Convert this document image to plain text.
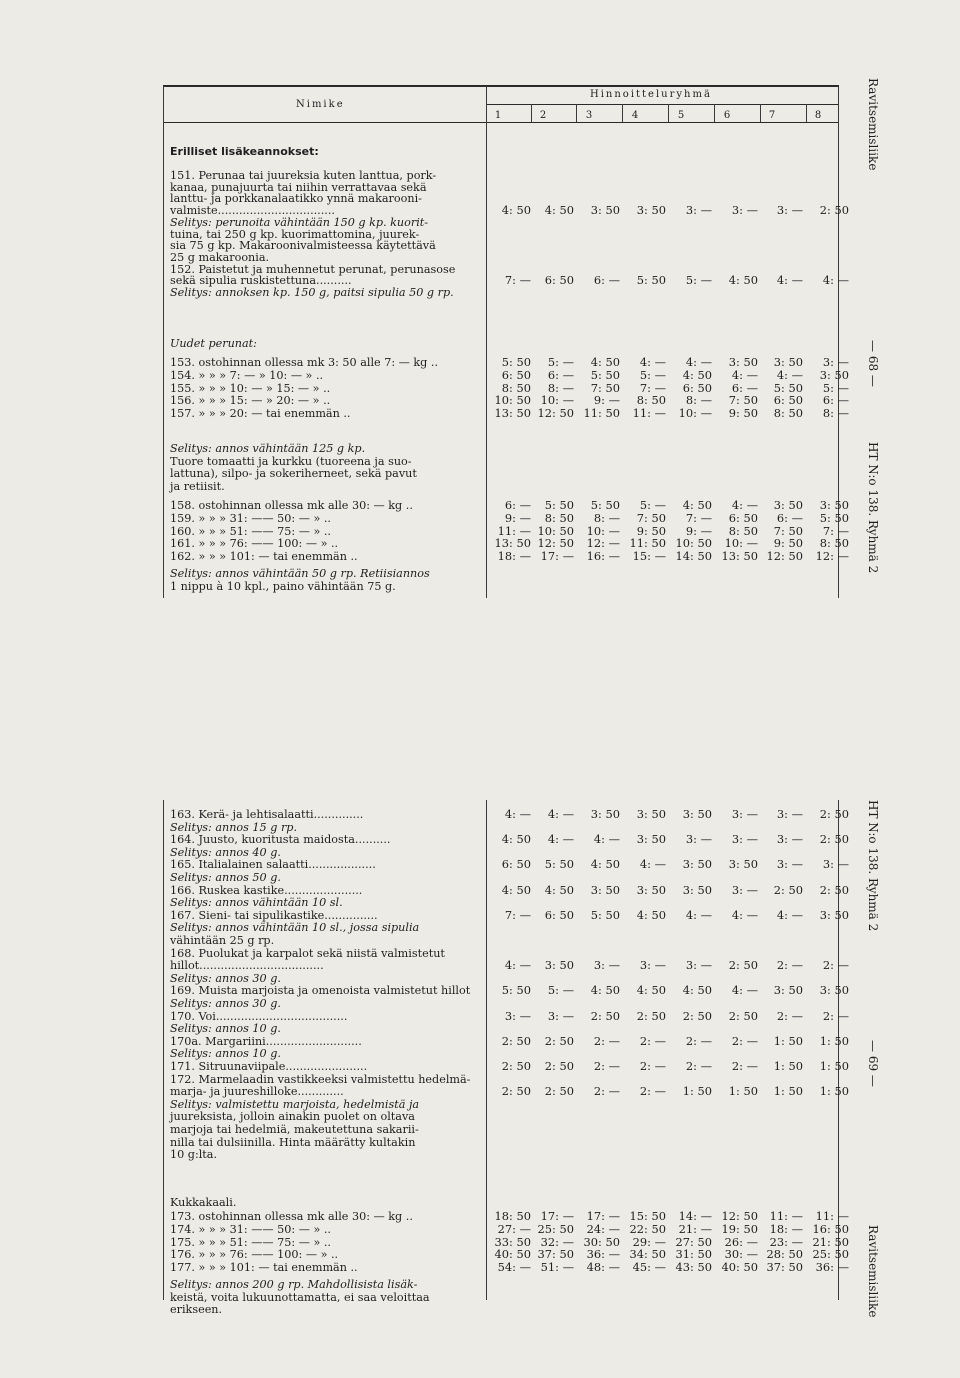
Nimike
Hinnoitteluryhmä
1	2	3	4	5	6	7	8	Ravitsemisliike
— 68 —
HT N:o 138. Ryhmä 2
HT N:o 138. Ryhmä 2
— 69 —
Ravitsemisliike
Erilliset lisäkeannokset:
151. Perunaa tai juureksia kuten lanttua, pork-
kanaa, punajuurta tai niihin verrattavaa sekä
lanttu- ja porkkanalaatikko ynnä makarooni-
valmiste.................................	4: 50	4: 50	3: 50	3: 50	3: —	3: —	3: —	2: 50
Selitys: perunoita vähintään 150 g kp. kuorit-
tuina, tai 250 g kp. kuorimattomina, juurek-
sia 75 g kp. Makaroonivalmisteessa käytettävä
25 g makaroonia.
152. Paistetut ja muhennetut perunat, perunasose
sekä sipulia ruskistettuna..........	7: —	6: 50	6: —	5: 50	5: —	4: 50	4: —	4: —
Selitys: annoksen kp. 150 g, paitsi sipulia 50 g rp.
Uudet perunat:
153. ostohinnan ollessa mk 3: 50 alle 7: — kg ..	5: 50	5: —	4: 50	4: —	4: —	3: 50	3: 50	3: —
154. » » » 7: — » 10: — » ..	6: 50	6: —	5: 50	5: —	4: 50	4: —	4: —	3: 50
155. » » » 10: — » 15: — » ..	8: 50	8: —	7: 50	7: —	6: 50	6: —	5: 50	5: —
156. » » » 15: — » 20: — » ..	10: 50 10: —	9: —	8: 50	8: —	7: 50	6: 50	6: —
157. » » » 20: — tai enemmän ..	13: 50 12: 50 11: 50	11: —	10: —	9: 50	8: 50	8: —
Selitys: annos vähintään 125 g kp.
Tuore tomaatti ja kurkku (tuoreena ja suo-
lattuna), silpo- ja sokeriherneet, sekä pavut
ja retiisit.
158. ostohinnan ollessa mk alle 30: — kg ..	6: —	5: 50	5: 50	5: —	4: 50	4: —	3: 50	3: 50
159. » » » 31: —— 50: — » ..	9: —	8: 50	8: —	7: 50	7: —	6: 50	6: —	5: 50
160. » » » 51: —— 75: — » ..	11: — 10: 50	10: —	9: 50	9: —	8: 50	7: 50	7: —
161. » » » 76: —— 100: — » ..	13: 50 12: 50	12: — 11: 50 10: 50	10: —	9: 50	8: 50
162. » » » 101: — tai enemmän ..	18: — 17: —	16: —	15: — 14: 50 13: 50 12: 50	12: —
Selitys: annos vähintään 50 g rp. Retiisiannos
1 nippu à 10 kpl., paino vähintään 75 g.
163. Kerä- ja lehtisalaatti..............	4: —	4: —	3: 50	3: 50	3: 50	3: —	3: —	2: 50
Selitys: annos 15 g rp.
164. Juusto, kuoritusta maidosta..........	4: 50	4: —	4: —	3: 50	3: —	3: —	3: —	2: 50
Selitys: annos 40 g.
165. Italialainen salaatti...................	6: 50	5: 50	4: 50	4: —	3: 50	3: 50	3: —	3: —
Selitys: annos 50 g.
166. Ruskea kastike......................	4: 50	4: 50	3: 50	3: 50	3: 50	3: —	2: 50	2: 50
Selitys: annos vähintään 10 sl.
167. Sieni- tai sipulikastike...............	7: —	6: 50	5: 50	4: 50	4: —	4: —	4: —	3: 50
Selitys: annos vähintään 10 sl., jossa sipulia
vähintään 25 g rp.
168. Puolukat ja karpalot sekä niistä valmistetut
hillot...................................	4: —	3: 50	3: —	3: —	3: —	2: 50	2: —	2: —
Selitys: annos 30 g.
169. Muista marjoista ja omenoista valmistetut hillot	5: 50	5: —	4: 50	4: 50	4: 50	4: —	3: 50	3: 50
Selitys: annos 30 g.
170. Voi.....................................	3: —	3: —	2: 50	2: 50	2: 50	2: 50	2: —	2: —
Selitys: annos 10 g.
170a. Margariini...........................	2: 50	2: 50	2: —	2: —	2: —	2: —	1: 50	1: 50
Selitys: annos 10 g.
171. Sitruunaviipale.......................	2: 50	2: 50	2: —	2: —	2: —	2: —	1: 50	1: 50
172. Marmelaadin vastikkeeksi valmistettu hedelmä-
marja- ja juureshilloke.............	2: 50	2: 50	2: —	2: —	1: 50	1: 50	1: 50	1: 50
Selitys: valmistettu marjoista, hedelmistä ja
juureksista, jolloin ainakin puolet on oltava
marjoja tai hedelmiä, makeutettuna sakarii-
nilla tai dulsiinilla. Hinta määrätty kultakin
10 g:lta.
Kukkakaali.
173. ostohinnan ollessa mk alle 30: — kg ..	18: 50 17: —	17: — 15: 50	14: — 12: 50	11: —	11: —
174. » » » 31: —— 50: — » ..	27: — 25: 50	24: — 22: 50	21: — 19: 50	18: — 16: 50
175. » » » 51: —— 75: — » ..	33: 50 32: — 30: 50	29: — 27: 50	26: —	23: — 21: 50
176. » » » 76: —— 100: — » ..	40: 50 37: 50	36: — 34: 50 31: 50	30: — 28: 50 25: 50
177. » » » 101: — tai enemmän ..	54: — 51: —	48: —	45: — 43: 50 40: 50 37: 50	36: —
Selitys: annos 200 g rp. Mahdollisista lisäk-
keistä, voita lukuunottamatta, ei saa veloittaa
erikseen.
